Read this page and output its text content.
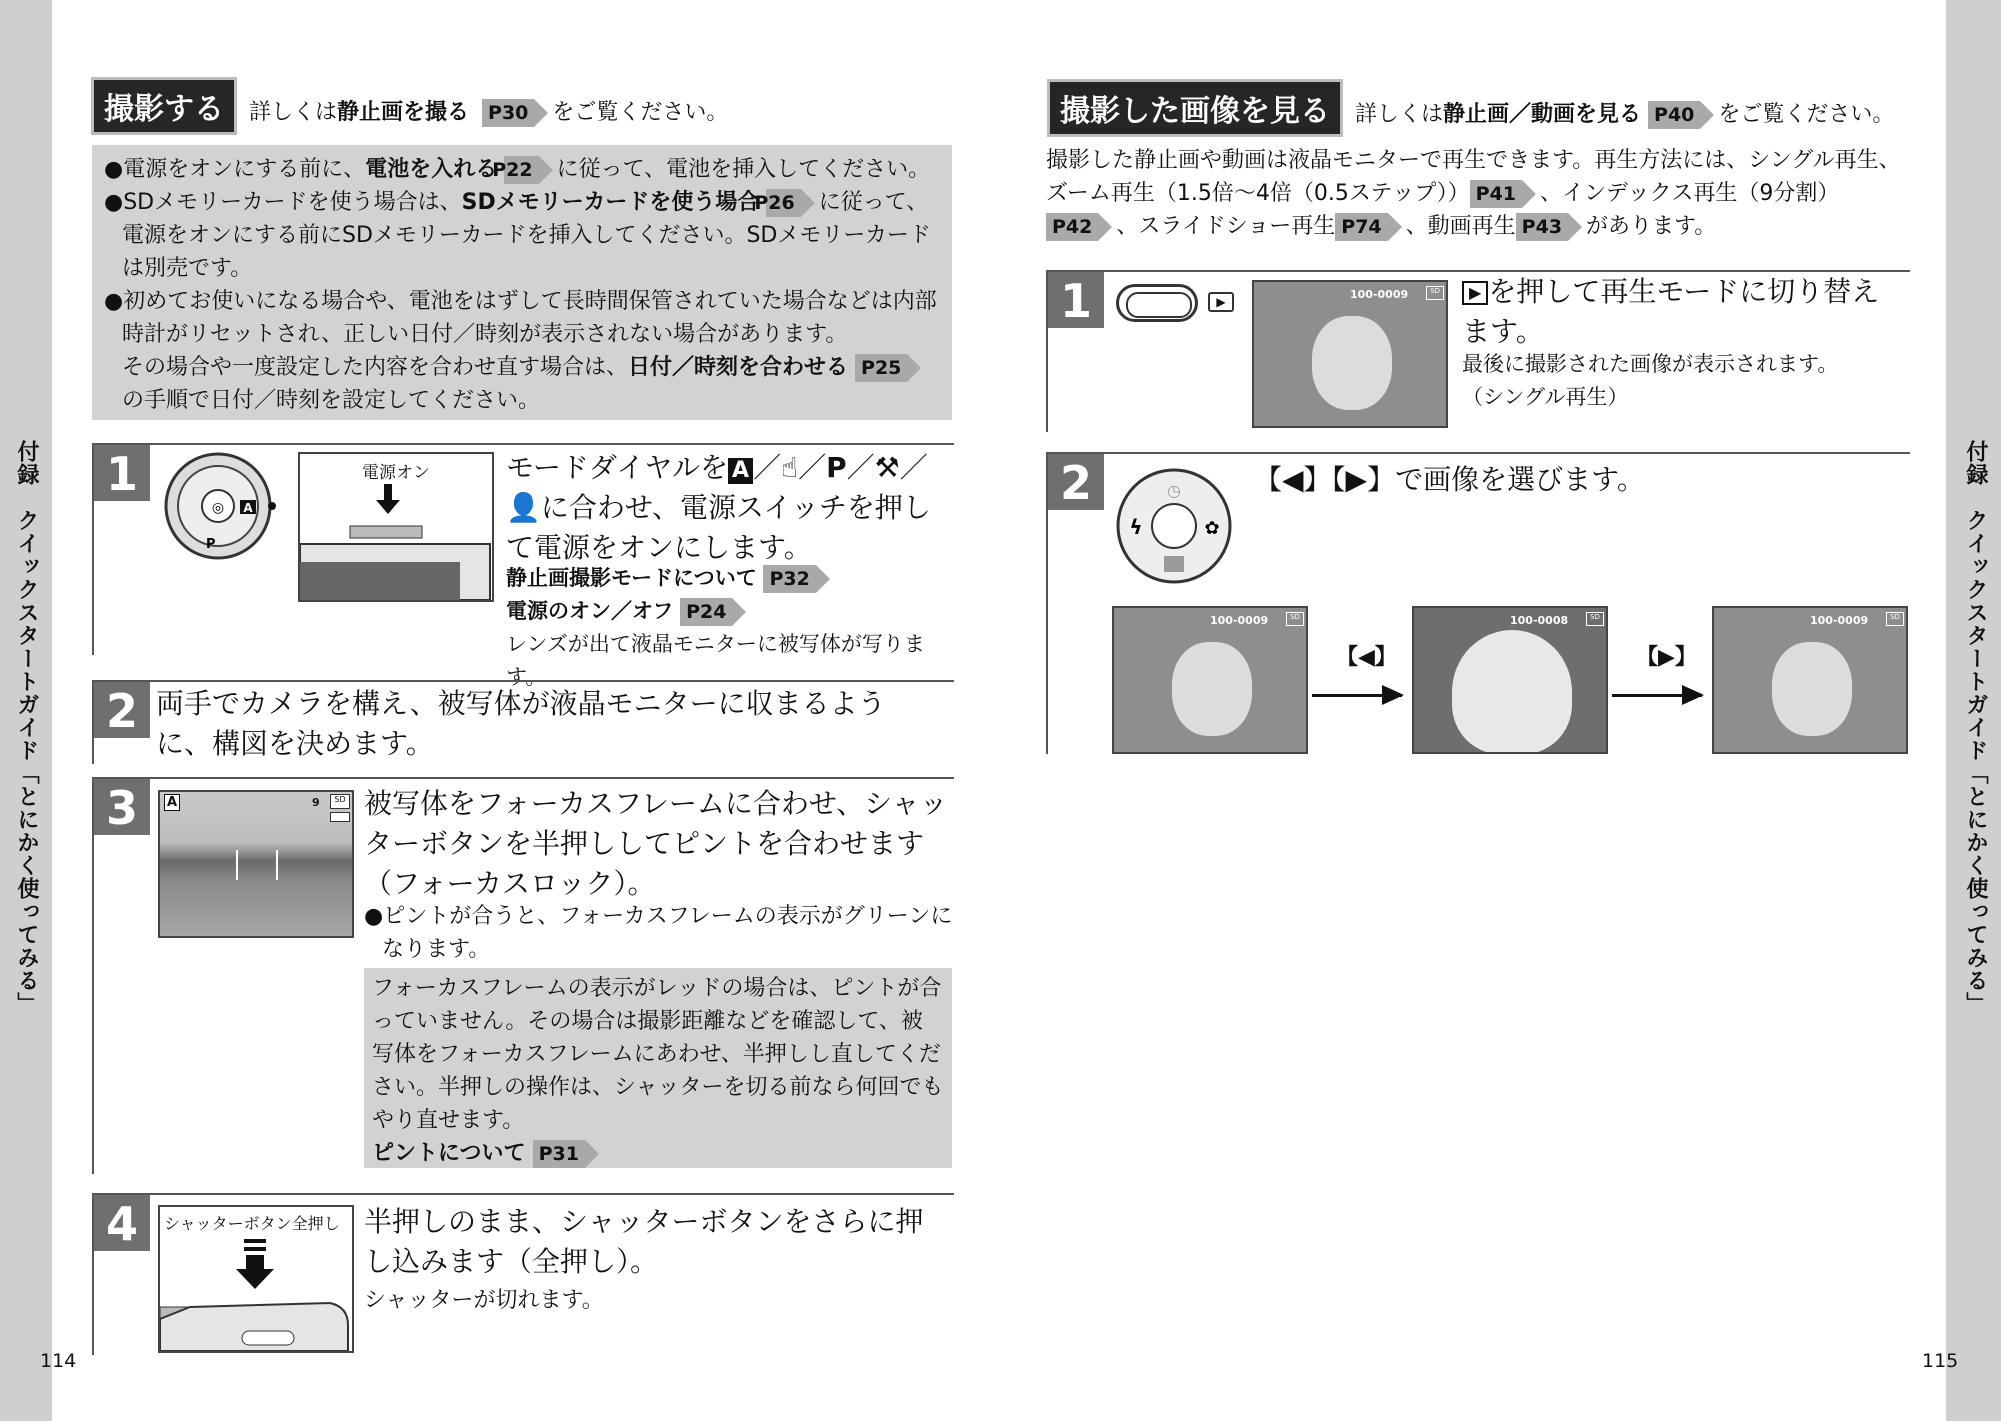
付録　クイックスタートガイド「とにかく使ってみる」
114
撮影する 詳しくは静止画を撮る P30 をご覧ください。
●電源をオンにする前に、電池を入れる P22 に従って、電池を挿入してください。
●SDメモリーカードを使う場合は、SDメモリーカードを使う場合 P26 に従って、電源をオンにする前にSDメモリーカードを挿入してください。SDメモリーカードは別売です。
●初めてお使いになる場合や、電池をはずして長時間保管されていた場合などは内部時計がリセットされ、正しい日付／時刻が表示されない場合があります。
その場合や一度設定した内容を合わせ直す場合は、日付／時刻を合わせる P25の手順で日付／時刻を設定してください。
1
◎ A
P
電源オン	モードダイヤルを A ／☝／P／⚒／
👤に合わせ、電源スイッチを押して電源をオンにします。
静止画撮影モードについて P32
電源のオン／オフ P24
レンズが出て液晶モニターに被写体が写ります。
2 両手でカメラを構え、被写体が液晶モニターに収まるように、構図を決めます。
3	A	9	SD 被写体をフォーカスフレームに合わせ、シャッターボタンを半押ししてピントを合わせます（フォーカスロック）。
●ピントが合うと、フォーカスフレームの表示がグリーンになります。
フォーカスフレームの表示がレッドの場合は、ピントが合っていません。その場合は撮影距離などを確認して、被写体をフォーカスフレームにあわせ、半押しし直してください。半押しの操作は、シャッターを切る前なら何回でもやり直せます。
ピントについて P31
4	シャッターボタン全押し 半押しのまま、シャッターボタンをさらに押し込みます（全押し）。
シャッターが切れます。
付録　クイックスタートガイド「とにかく使ってみる」
115
撮影した画像を見る 詳しくは静止画／動画を見る P40 をご覧ください。
撮影した静止画や動画は液晶モニターで再生できます。再生方法には、シングル再生、ズーム再生（1.5倍～4倍（0.5ステップ）） P41 、インデックス再生（9分割）P42 、スライドショー再生 P74 、動画再生 P43 があります。
1	▶
100-0009	SD	▶ を押して再生モードに切り替えます。
最後に撮影された画像が表示されます。
（シングル再生）
2	◷
ϟ	✿
【◀】【▶】で画像を選びます。
100-0009	SD
【◀】
100-0008	SD
【▶】
100-0009	SD
